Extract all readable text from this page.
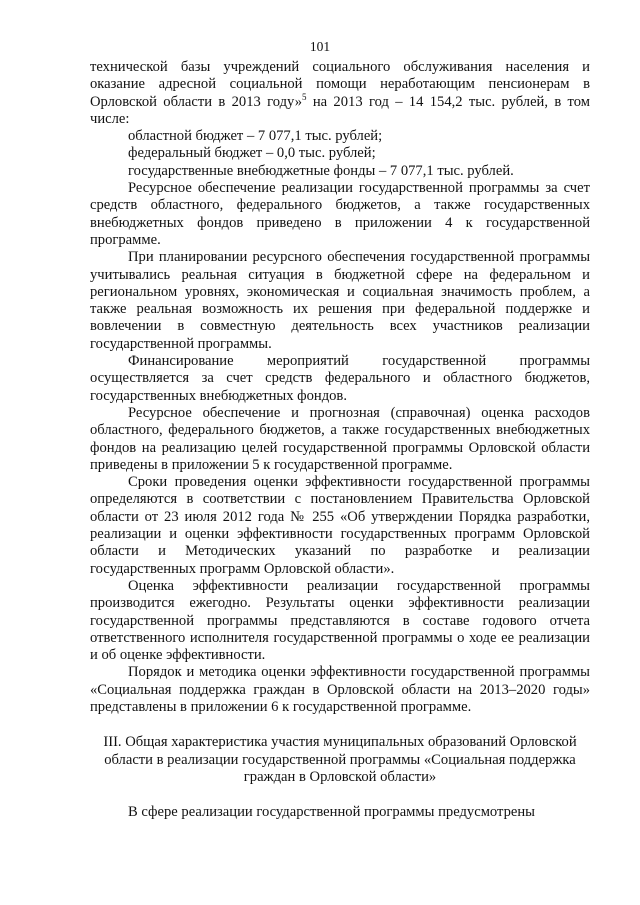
101

технической базы учреждений социального обслуживания населения и оказание адресной социальной помощи неработающим пенсионерам в Орловской области в 2013 году»$^5$ на 2013 год – 14 154,2 тыс. рублей, в том числе:

областной бюджет – 7 077,1 тыс. рублей;
федеральный бюджет – 0,0 тыс. рублей;
государственные внебюджетные фонды – 7 077,1 тыс. рублей.

Ресурсное обеспечение реализации государственной программы за счет средств областного, федерального бюджетов, а также государственных внебюджетных фондов приведено в приложении 4 к государственной программе.

При планировании ресурсного обеспечения государственной программы учитывались реальная ситуация в бюджетной сфере на федеральном и региональном уровнях, экономическая и социальная значимость проблем, а также реальная возможность их решения при федеральной поддержке и вовлечении в совместную деятельность всех участников реализации государственной программы.

Финансирование мероприятий государственной программы осуществляется за счет средств федерального и областного бюджетов, государственных внебюджетных фондов.

Ресурсное обеспечение и прогнозная (справочная) оценка расходов областного, федерального бюджетов, а также государственных внебюджетных фондов на реализацию целей государственной программы Орловской области приведены в приложении 5 к государственной программе.

Сроки проведения оценки эффективности государственной программы определяются в соответствии с постановлением Правительства Орловской области от 23 июля 2012 года № 255 «Об утверждении Порядка разработки, реализации и оценки эффективности государственных программ Орловской области и Методических указаний по разработке и реализации государственных программ Орловской области».

Оценка эффективности реализации государственной программы производится ежегодно. Результаты оценки эффективности реализации государственной программы представляются в составе годового отчета ответственного исполнителя государственной программы о ходе ее реализации и об оценке эффективности.

Порядок и методика оценки эффективности государственной программы «Социальная поддержка граждан в Орловской области на 2013–2020 годы» представлены в приложении 6 к государственной программе.

III. Общая характеристика участия муниципальных образований Орловской области в реализации государственной программы «Социальная поддержка граждан в Орловской области»

В сфере реализации государственной программы предусмотрены
